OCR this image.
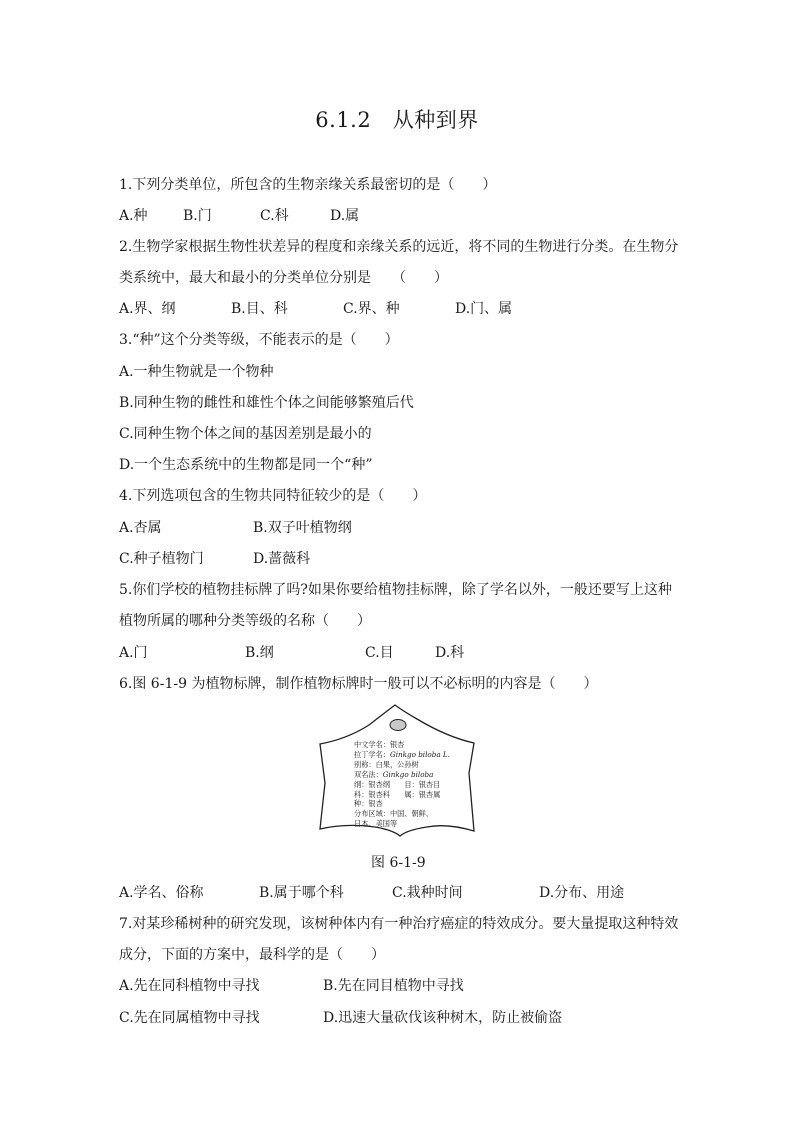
6.1.2　从种到界
1.下列分类单位，所包含的生物亲缘关系最密切的是（　　）
A.种	B.门	C.科	D.属
2.生物学家根据生物性状差异的程度和亲缘关系的远近，将不同的生物进行分类。在生物分
类系统中，最大和最小的分类单位分别是　　（　　）
A.界、纲	B.目、科	C.界、种	D.门、属
3.“种”这个分类等级，不能表示的是（　　）
A.一种生物就是一个物种
B.同种生物的雌性和雄性个体之间能够繁殖后代
C.同种生物个体之间的基因差别是最小的
D.一个生态系统中的生物都是同一个“种”
4.下列选项包含的生物共同特征较少的是（　　）
A.杏属	B.双子叶植物纲
C.种子植物门	D.蔷薇科
5.你们学校的植物挂标牌了吗?如果你要给植物挂标牌，除了学名以外，一般还要写上这种
植物所属的哪种分类等级的名称（　　）
A.门	B.纲	C.目	D.科
6.图 6-1-9 为植物标牌，制作植物标牌时一般可以不必标明的内容是（　　）
中文学名：银杏
拉丁学名：Ginkgo biloba L.
别称：白果，公孙树
双名法：Ginkgo biloba
纲：银杏纲　　目：银杏目
科：银杏科　　属：银杏属
种：银杏
分布区域：中国、朝鲜、
日本、美国等
图 6-1-9
A.学名、俗称	B.属于哪个科	C.栽种时间	D.分布、用途
7.对某珍稀树种的研究发现，该树种体内有一种治疗癌症的特效成分。要大量提取这种特效
成分，下面的方案中，最科学的是（　　）
A.先在同科植物中寻找	B.先在同目植物中寻找
C.先在同属植物中寻找	D.迅速大量砍伐该种树木，防止被偷盗
